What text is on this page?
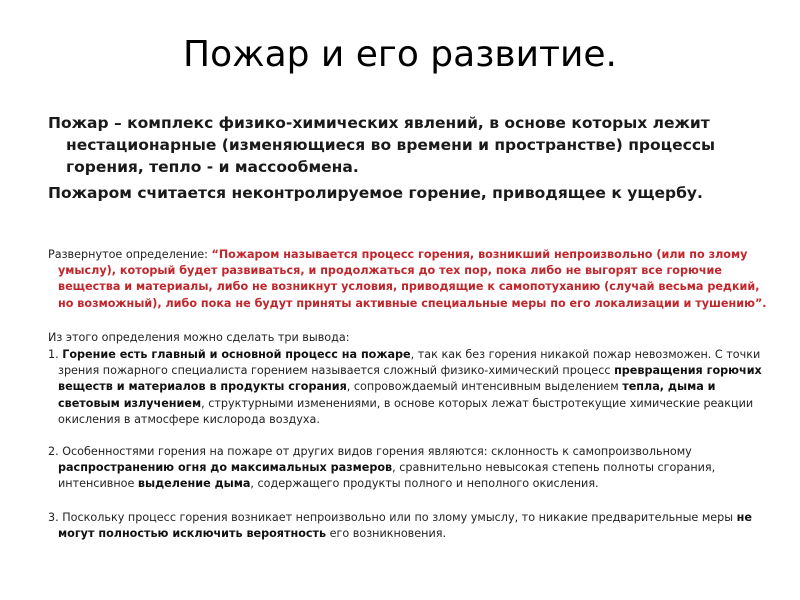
Пожар и его развитие.

Пожар – комплекс физико-химических явлений, в основе которых лежит нестационарные (изменяющиеся во времени и пространстве) процессы горения, тепло - и массообмена.

Пожаром считается неконтролируемое горение, приводящее к ущербу.

Развернутое определение: “Пожаром называется процесс горения, возникший непроизвольно (или по злому умыслу), который будет развиваться, и продолжаться до тех пор, пока либо не выгорят все горючие вещества и материалы, либо не возникнут условия, приводящие к самопотуханию (случай весьма редкий, но возможный), либо пока не будут приняты активные специальные меры по его локализации и тушению”.
Из этого определения можно сделать три вывода:
1. Горение есть главный и основной процесс на пожаре, так как без горения никакой пожар невозможен. С точки зрения пожарного специалиста горением называется сложный физико-химический процесс превращения горючих веществ и материалов в продукты сгорания, сопровождаемый интенсивным выделением тепла, дыма и световым излучением, структурными изменениями, в основе которых лежат быстротекущие химические реакции окисления в атмосфере кислорода воздуха.
2. Особенностями горения на пожаре от других видов горения являются: склонность к самопроизвольному распространению огня до максимальных размеров, сравнительно невысокая степень полноты сгорания, интенсивное выделение дыма, содержащего продукты полного и неполного окисления.
3. Поскольку процесс горения возникает непроизвольно или по злому умыслу, то никакие предварительные меры не могут полностью исключить вероятность его возникновения.
